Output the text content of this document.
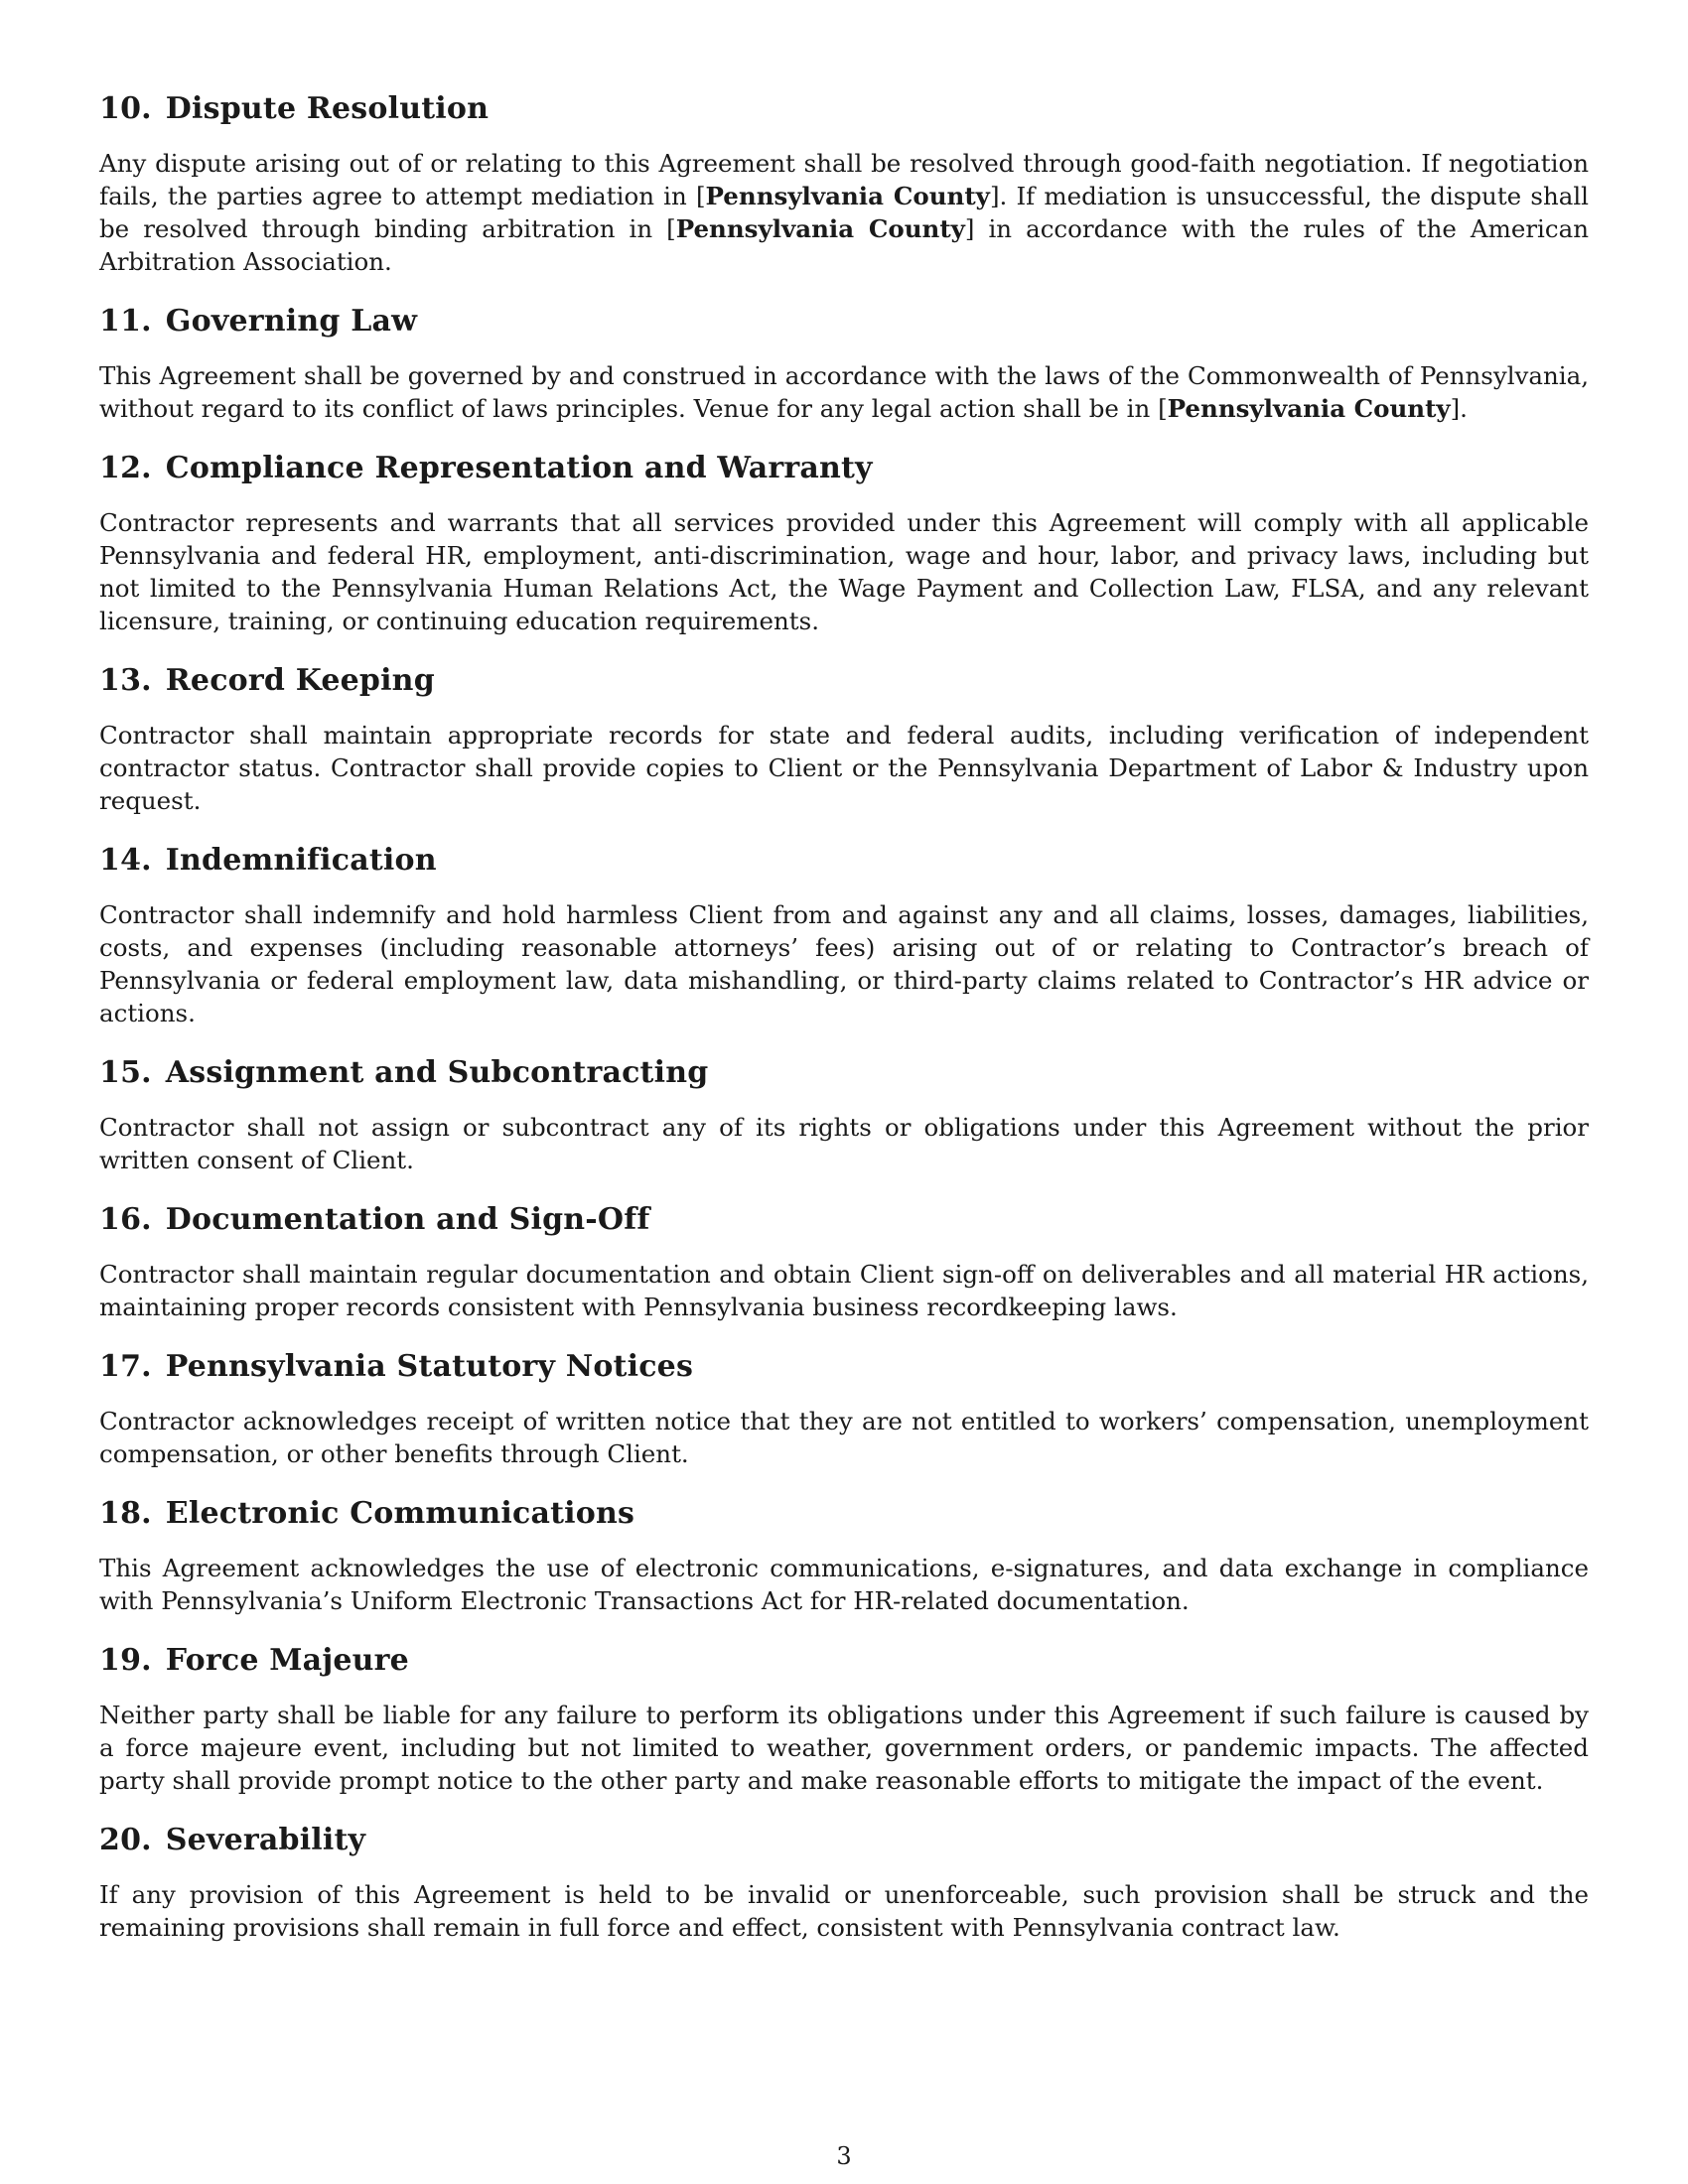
10. Dispute Resolution

Any dispute arising out of or relating to this Agreement shall be resolved through good-faith negotiation. If negotiation fails, the parties agree to attempt mediation in [Pennsylvania County]. If mediation is unsuccessful, the dispute shall be resolved through binding arbitration in [Pennsylvania County] in accordance with the rules of the American Arbitration Association.

11. Governing Law

This Agreement shall be governed by and construed in accordance with the laws of the Commonwealth of Pennsylvania, without regard to its conflict of laws principles. Venue for any legal action shall be in [Pennsylvania County].

12. Compliance Representation and Warranty

Contractor represents and warrants that all services provided under this Agreement will comply with all applicable Pennsylvania and federal HR, employment, anti-discrimination, wage and hour, labor, and privacy laws, including but not limited to the Pennsylvania Human Relations Act, the Wage Payment and Collection Law, FLSA, and any relevant licensure, training, or continuing education requirements.

13. Record Keeping

Contractor shall maintain appropriate records for state and federal audits, including verification of independent contractor status. Contractor shall provide copies to Client or the Pennsylvania Department of Labor & Industry upon request.

14. Indemnification

Contractor shall indemnify and hold harmless Client from and against any and all claims, losses, damages, liabilities, costs, and expenses (including reasonable attorneys’ fees) arising out of or relating to Contractor’s breach of Pennsylvania or federal employment law, data mishandling, or third-party claims related to Contractor’s HR advice or actions.

15. Assignment and Subcontracting

Contractor shall not assign or subcontract any of its rights or obligations under this Agreement without the prior written consent of Client.

16. Documentation and Sign-Off

Contractor shall maintain regular documentation and obtain Client sign-off on deliverables and all material HR actions, maintaining proper records consistent with Pennsylvania business recordkeeping laws.

17. Pennsylvania Statutory Notices

Contractor acknowledges receipt of written notice that they are not entitled to workers’ compensation, unemployment compensation, or other benefits through Client.

18. Electronic Communications

This Agreement acknowledges the use of electronic communications, e-signatures, and data exchange in compliance with Pennsylvania’s Uniform Electronic Transactions Act for HR-related documentation.

19. Force Majeure

Neither party shall be liable for any failure to perform its obligations under this Agreement if such failure is caused by a force majeure event, including but not limited to weather, government orders, or pandemic impacts. The affected party shall provide prompt notice to the other party and make reasonable efforts to mitigate the impact of the event.

20. Severability

If any provision of this Agreement is held to be invalid or unenforceable, such provision shall be struck and the remaining provisions shall remain in full force and effect, consistent with Pennsylvania contract law.

3
